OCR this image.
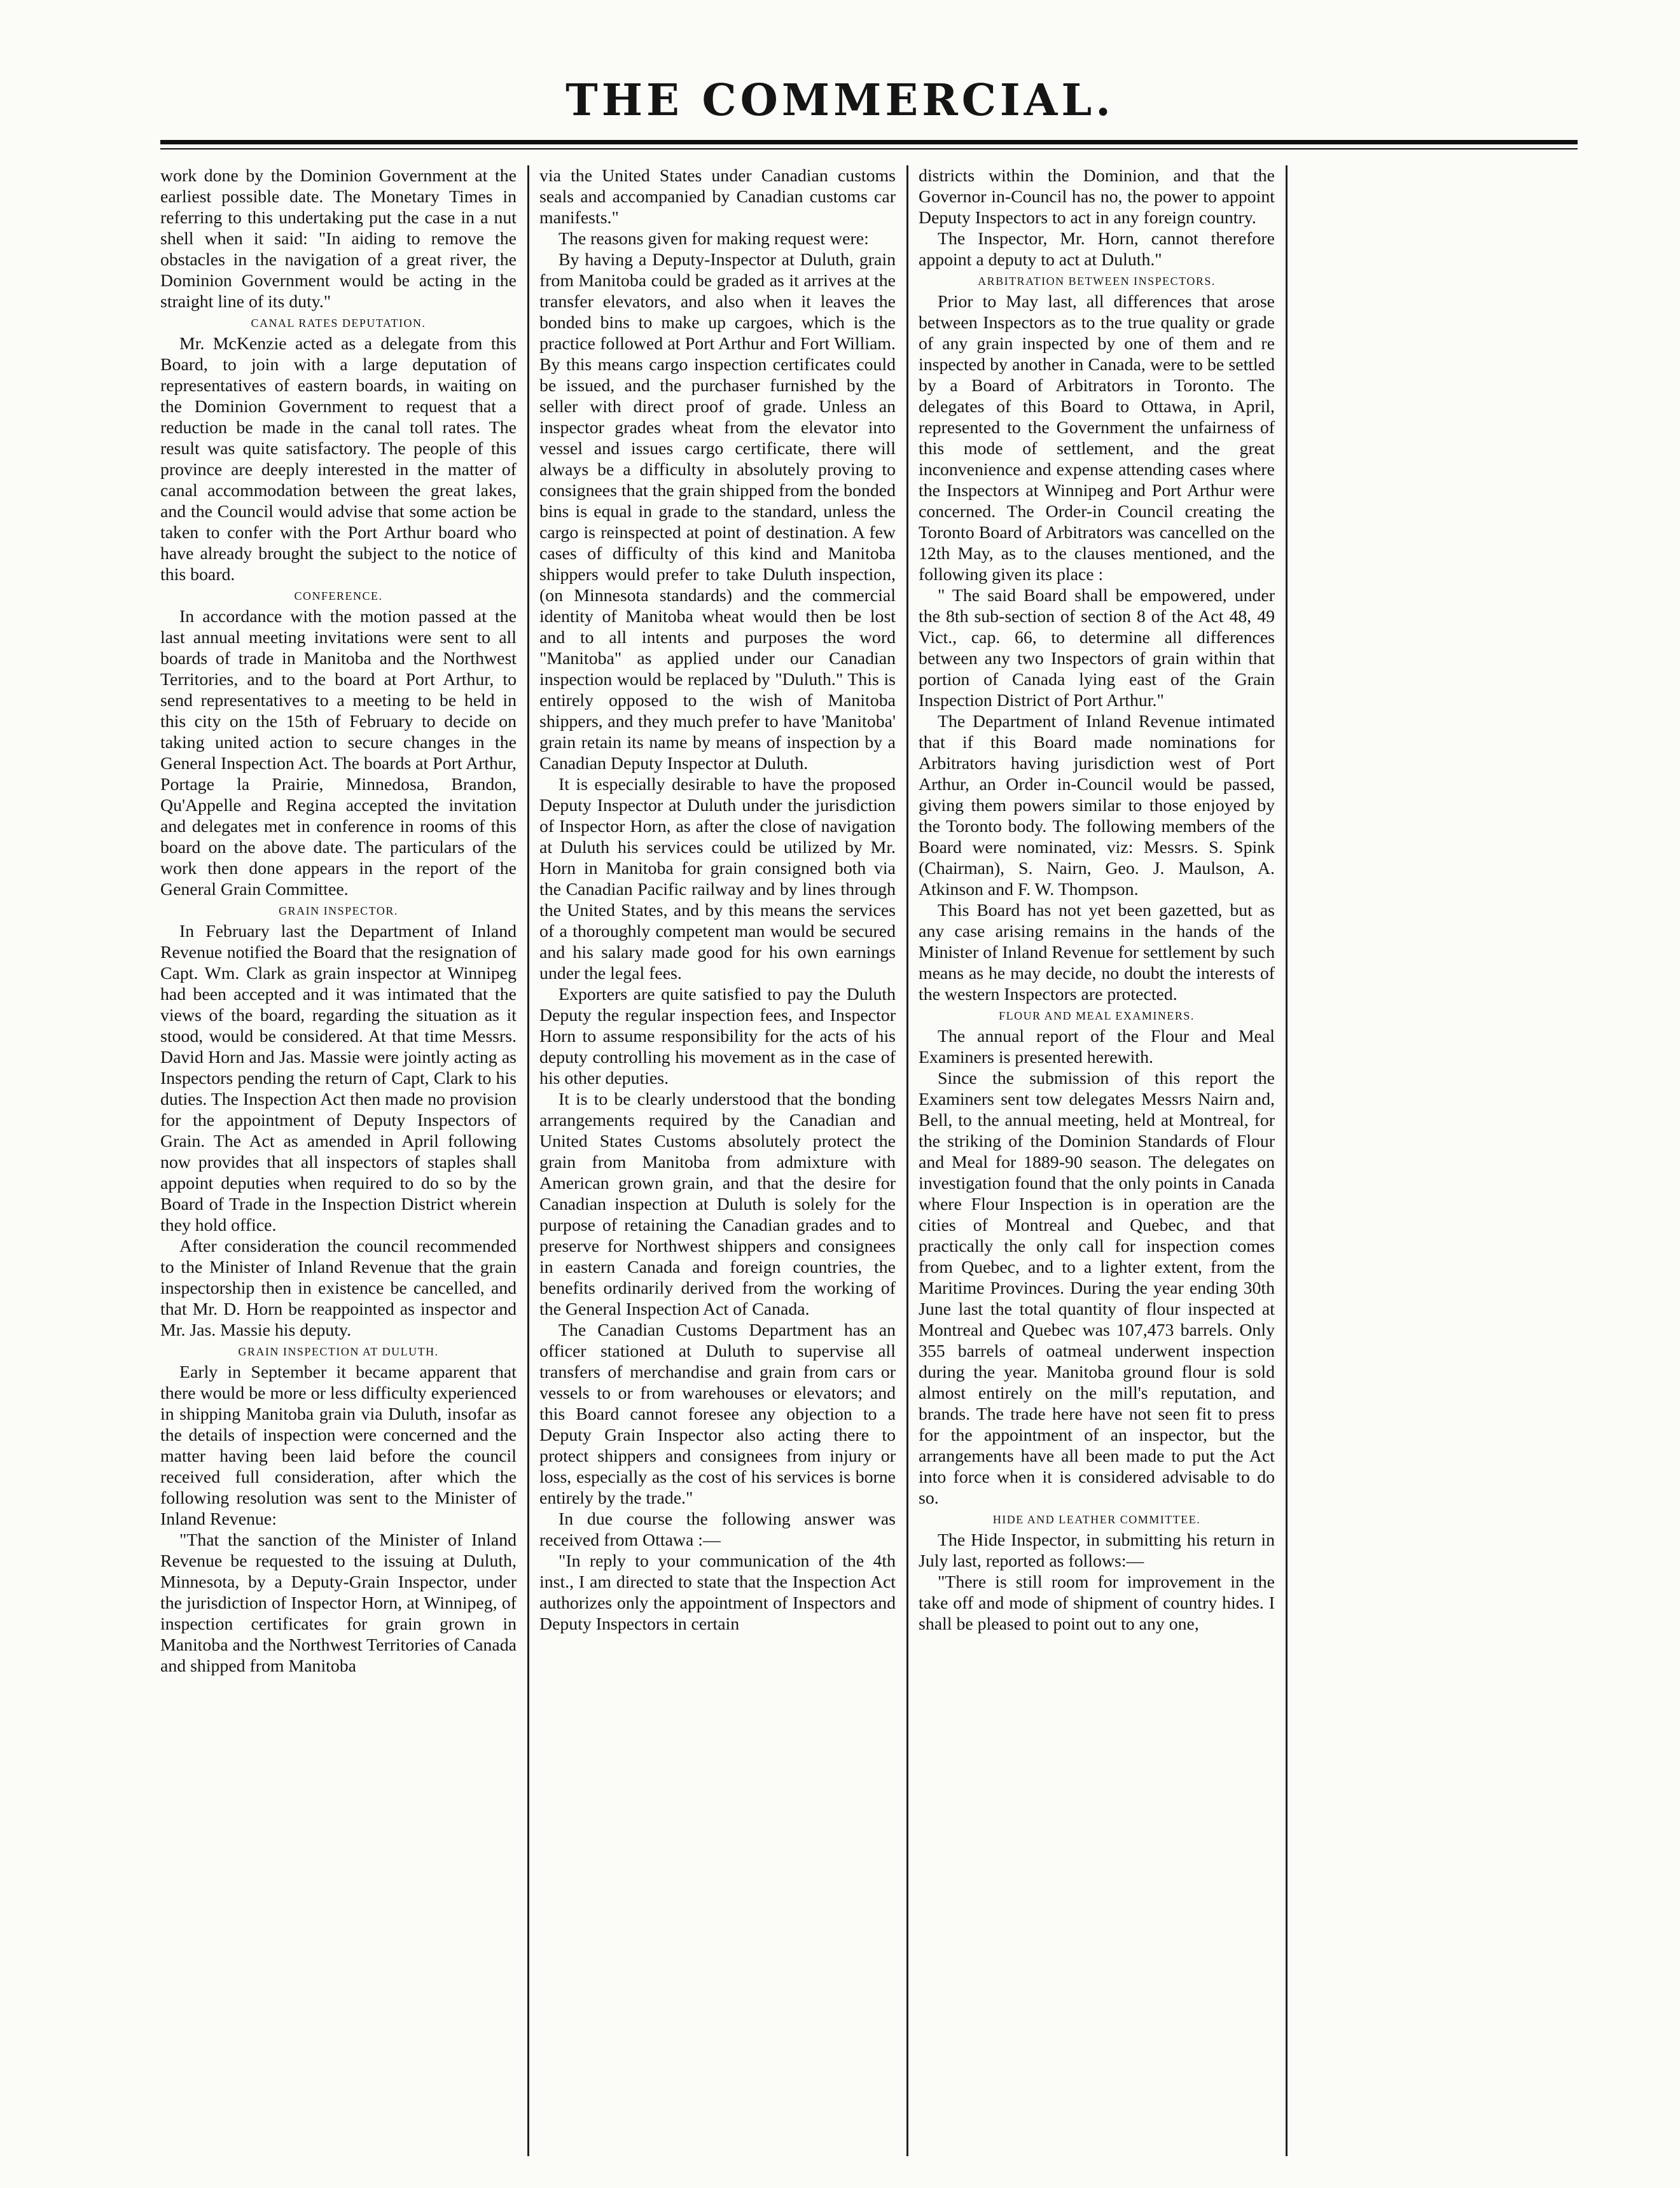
THE COMMERCIAL.

work done by the Dominion Government at the earliest possible date. The Monetary Times in referring to this undertaking put the case in a nut shell when it said: "In aiding to remove the obstacles in the navigation of a great river, the Dominion Government would be acting in the straight line of its duty."

CANAL RATES DEPUTATION.

Mr. McKenzie acted as a delegate from this Board, to join with a large deputation of representatives of eastern boards, in waiting on the Dominion Government to request that a reduction be made in the canal toll rates. The result was quite satisfactory. The people of this province are deeply interested in the matter of canal accommodation between the great lakes, and the Council would advise that some action be taken to confer with the Port Arthur board who have already brought the subject to the notice of this board.

CONFERENCE.

In accordance with the motion passed at the last annual meeting invitations were sent to all boards of trade in Manitoba and the Northwest Territories, and to the board at Port Arthur, to send representatives to a meeting to be held in this city on the 15th of February to decide on taking united action to secure changes in the General Inspection Act. The boards at Port Arthur, Portage la Prairie, Minnedosa, Brandon, Qu'Appelle and Regina accepted the invitation and delegates met in conference in rooms of this board on the above date. The particulars of the work then done appears in the report of the General Grain Committee.

GRAIN INSPECTOR.

In February last the Department of Inland Revenue notified the Board that the resignation of Capt. Wm. Clark as grain inspector at Winnipeg had been accepted and it was intimated that the views of the board, regarding the situation as it stood, would be considered. At that time Messrs. David Horn and Jas. Massie were jointly acting as Inspectors pending the return of Capt, Clark to his duties. The Inspection Act then made no provision for the appointment of Deputy Inspectors of Grain. The Act as amended in April following now provides that all inspectors of staples shall appoint deputies when required to do so by the Board of Trade in the Inspection District wherein they hold office.

After consideration the council recommended to the Minister of Inland Revenue that the grain inspectorship then in existence be cancelled, and that Mr. D. Horn be reappointed as inspector and Mr. Jas. Massie his deputy.

GRAIN INSPECTION AT DULUTH.

Early in September it became apparent that there would be more or less difficulty experienced in shipping Manitoba grain via Duluth, insofar as the details of inspection were concerned and the matter having been laid before the council received full consideration, after which the following resolution was sent to the Minister of Inland Revenue:

"That the sanction of the Minister of Inland Revenue be requested to the issuing at Duluth, Minnesota, by a Deputy-Grain Inspector, under the jurisdiction of Inspector Horn, at Winnipeg, of inspection certificates for grain grown in Manitoba and the Northwest Territories of Canada and shipped from Manitoba

via the United States under Canadian customs seals and accompanied by Canadian customs car manifests."

The reasons given for making request were:

By having a Deputy-Inspector at Duluth, grain from Manitoba could be graded as it arrives at the transfer elevators, and also when it leaves the bonded bins to make up cargoes, which is the practice followed at Port Arthur and Fort William. By this means cargo inspection certificates could be issued, and the purchaser furnished by the seller with direct proof of grade. Unless an inspector grades wheat from the elevator into vessel and issues cargo certificate, there will always be a difficulty in absolutely proving to consignees that the grain shipped from the bonded bins is equal in grade to the standard, unless the cargo is reinspected at point of destination. A few cases of difficulty of this kind and Manitoba shippers would prefer to take Duluth inspection, (on Minnesota standards) and the commercial identity of Manitoba wheat would then be lost and to all intents and purposes the word "Manitoba" as applied under our Canadian inspection would be replaced by "Duluth." This is entirely opposed to the wish of Manitoba shippers, and they much prefer to have 'Manitoba' grain retain its name by means of inspection by a Canadian Deputy Inspector at Duluth.

It is especially desirable to have the proposed Deputy Inspector at Duluth under the jurisdiction of Inspector Horn, as after the close of navigation at Duluth his services could be utilized by Mr. Horn in Manitoba for grain consigned both via the Canadian Pacific railway and by lines through the United States, and by this means the services of a thoroughly competent man would be secured and his salary made good for his own earnings under the legal fees.

Exporters are quite satisfied to pay the Duluth Deputy the regular inspection fees, and Inspector Horn to assume responsibility for the acts of his deputy controlling his movement as in the case of his other deputies.

It is to be clearly understood that the bonding arrangements required by the Canadian and United States Customs absolutely protect the grain from Manitoba from admixture with American grown grain, and that the desire for Canadian inspection at Duluth is solely for the purpose of retaining the Canadian grades and to preserve for Northwest shippers and consignees in eastern Canada and foreign countries, the benefits ordinarily derived from the working of the General Inspection Act of Canada.

The Canadian Customs Department has an officer stationed at Duluth to supervise all transfers of merchandise and grain from cars or vessels to or from warehouses or elevators; and this Board cannot foresee any objection to a Deputy Grain Inspector also acting there to protect shippers and consignees from injury or loss, especially as the cost of his services is borne entirely by the trade."

In due course the following answer was received from Ottawa :—

"In reply to your communication of the 4th inst., I am directed to state that the Inspection Act authorizes only the appointment of Inspectors and Deputy Inspectors in certain

districts within the Dominion, and that the Governor in-Council has no, the power to appoint Deputy Inspectors to act in any foreign country.

The Inspector, Mr. Horn, cannot therefore appoint a deputy to act at Duluth."

ARBITRATION BETWEEN INSPECTORS.

Prior to May last, all differences that arose between Inspectors as to the true quality or grade of any grain inspected by one of them and re inspected by another in Canada, were to be settled by a Board of Arbitrators in Toronto. The delegates of this Board to Ottawa, in April, represented to the Government the unfairness of this mode of settlement, and the great inconvenience and expense attending cases where the Inspectors at Winnipeg and Port Arthur were concerned. The Order-in Council creating the Toronto Board of Arbitrators was cancelled on the 12th May, as to the clauses mentioned, and the following given its place :

" The said Board shall be empowered, under the 8th sub-section of section 8 of the Act 48, 49 Vict., cap. 66, to determine all differences between any two Inspectors of grain within that portion of Canada lying east of the Grain Inspection District of Port Arthur."

The Department of Inland Revenue intimated that if this Board made nominations for Arbitrators having jurisdiction west of Port Arthur, an Order in-Council would be passed, giving them powers similar to those enjoyed by the Toronto body. The following members of the Board were nominated, viz: Messrs. S. Spink (Chairman), S. Nairn, Geo. J. Maulson, A. Atkinson and F. W. Thompson.

This Board has not yet been gazetted, but as any case arising remains in the hands of the Minister of Inland Revenue for settlement by such means as he may decide, no doubt the interests of the western Inspectors are protected.

FLOUR AND MEAL EXAMINERS.

The annual report of the Flour and Meal Examiners is presented herewith.

Since the submission of this report the Examiners sent tow delegates Messrs Nairn and, Bell, to the annual meeting, held at Montreal, for the striking of the Dominion Standards of Flour and Meal for 1889-90 season. The delegates on investigation found that the only points in Canada where Flour Inspection is in operation are the cities of Montreal and Quebec, and that practically the only call for inspection comes from Quebec, and to a lighter extent, from the Maritime Provinces. During the year ending 30th June last the total quantity of flour inspected at Montreal and Quebec was 107,473 barrels. Only 355 barrels of oatmeal underwent inspection during the year. Manitoba ground flour is sold almost entirely on the mill's reputation, and brands. The trade here have not seen fit to press for the appointment of an inspector, but the arrangements have all been made to put the Act into force when it is considered advisable to do so.

HIDE AND LEATHER COMMITTEE.

The Hide Inspector, in submitting his return in July last, reported as follows:—

"There is still room for improvement in the take off and mode of shipment of country hides. I shall be pleased to point out to any one,
